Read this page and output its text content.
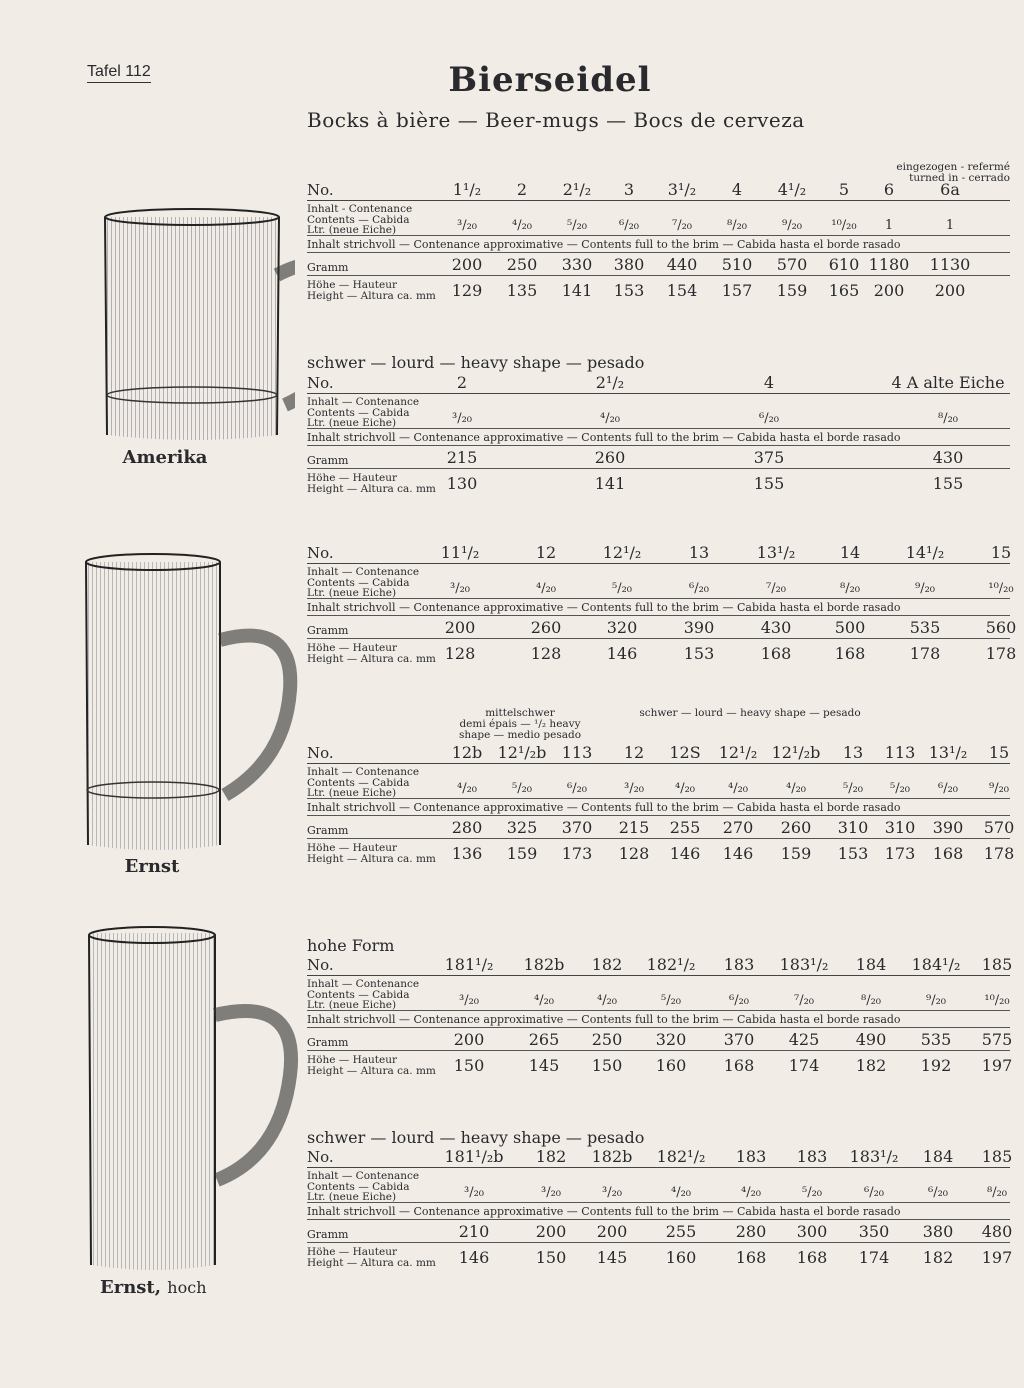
Tafel 112	Bierseidel
Bocks à bière — Beer-mugs — Bocs de cerveza
Amerika
Ernst
Ernst, hoch
eingezogen - refermé
turned in - cerrado
schwer — lourd — heavy shape — pesado
mittelschwer
demi épais — ¹/₂ heavy
shape — medio pesado
schwer — lourd — heavy shape — pesado
hohe Form
schwer — lourd — heavy shape — pesado
No.	1¹/₂ 2 2¹/₂ 3 3¹/₂ 4 4¹/₂ 5 6	6a
Inhalt - Contenance
Contents — Cabida
Ltr. (neue Eiche)	³/₂₀	⁴/₂₀	⁵/₂₀ ⁶/₂₀	⁷/₂₀	⁸/₂₀	⁹/₂₀ ¹⁰/₂₀ 1	1
Inhalt strichvoll — Contenance approximative — Contents full to the brim — Cabida hasta el borde rasado
Gramm	200 250 330 380 440 510 570 610 1180 1130
Höhe — Hauteur
Height — Altura ca. mm 129 135 141 153 154 157 159 165 200 200
No.	2	2¹/₂	4	4 A alte Eiche
Inhalt — Contenance
Contents — Cabida
Ltr. (neue Eiche)	³/₂₀	⁴/₂₀	⁶/₂₀	⁸/₂₀
Inhalt strichvoll — Contenance approximative — Contents full to the brim — Cabida hasta el borde rasado
Gramm	215	260	375	430
Höhe — Hauteur
Height — Altura ca. mm 130	141	155	155
No.	11¹/₂	12	12¹/₂	13	13¹/₂	14	14¹/₂	15
Inhalt — Contenance
Contents — Cabida
Ltr. (neue Eiche)	³/₂₀	⁴/₂₀	⁵/₂₀	⁶/₂₀	⁷/₂₀	⁸/₂₀	⁹/₂₀	¹⁰/₂₀
Inhalt strichvoll — Contenance approximative — Contents full to the brim — Cabida hasta el borde rasado
Gramm	200	260	320	390	430	500	535	560
Höhe — Hauteur
Height — Altura ca. mm 128	128	146	153	168	168	178	178
No.	12b 12¹/₂b 113 12 12S 12¹/₂ 12¹/₂b 13 113 13¹/₂ 15
Inhalt — Contenance
Contents — Cabida
Ltr. (neue Eiche)	⁴/₂₀	⁵/₂₀	⁶/₂₀	³/₂₀ ⁴/₂₀	⁴/₂₀	⁴/₂₀	⁵/₂₀ ⁵/₂₀ ⁶/₂₀ ⁹/₂₀
Inhalt strichvoll — Contenance approximative — Contents full to the brim — Cabida hasta el borde rasado
Gramm	280 325 370 215 255 270 260 310 310 390 570
Höhe — Hauteur
Height — Altura ca. mm 136 159 173 128 146 146 159 153 173 168 178
No.	181¹/₂ 182b 182 182¹/₂ 183 183¹/₂ 184 184¹/₂ 185
Inhalt — Contenance
Contents — Cabida
Ltr. (neue Eiche)	³/₂₀	⁴/₂₀	⁴/₂₀	⁵/₂₀	⁶/₂₀	⁷/₂₀	⁸/₂₀	⁹/₂₀	¹⁰/₂₀
Inhalt strichvoll — Contenance approximative — Contents full to the brim — Cabida hasta el borde rasado
Gramm	200	265 250 320 370 425 490 535 575
Höhe — Hauteur
Height — Altura ca. mm 150	145 150 160 168 174 182 192 197
No.	181¹/₂b 182 182b 182¹/₂ 183 183 183¹/₂ 184 185
Inhalt — Contenance
Contents — Cabida
Ltr. (neue Eiche)	³/₂₀	³/₂₀	³/₂₀	⁴/₂₀	⁴/₂₀	⁵/₂₀	⁶/₂₀	⁶/₂₀	⁸/₂₀
Inhalt strichvoll — Contenance approximative — Contents full to the brim — Cabida hasta el borde rasado
Gramm	210	200 200 255 280 300 350 380 480
Höhe — Hauteur
Height — Altura ca. mm 146	150 145 160 168 168 174 182 197
